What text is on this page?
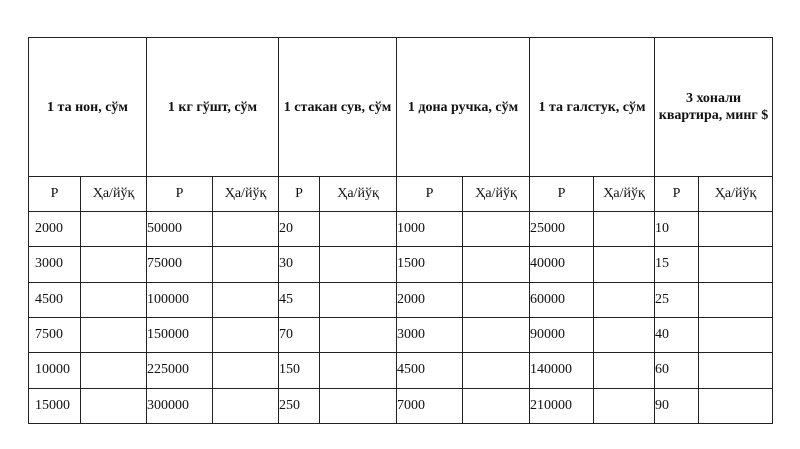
1 та нон, сўм		1 кг гўшт, сўм		1 стакан сув, сўм		1 дона ручка, сўм		1 та галстук, сўм		3 хонали квартира, минг $	
Р	Ҳа/йўқ	Р	Ҳа/йўқ	Р	Ҳа/йўқ	Р	Ҳа/йўқ	Р	Ҳа/йўқ	Р	Ҳа/йўқ
2000		50000		20		1000		25000		10	
3000		75000		30		1500		40000		15	
4500		100000		45		2000		60000		25	
7500		150000		70		3000		90000		40	
10000		225000		150		4500		140000		60	
15000		300000		250		7000		210000		90	
